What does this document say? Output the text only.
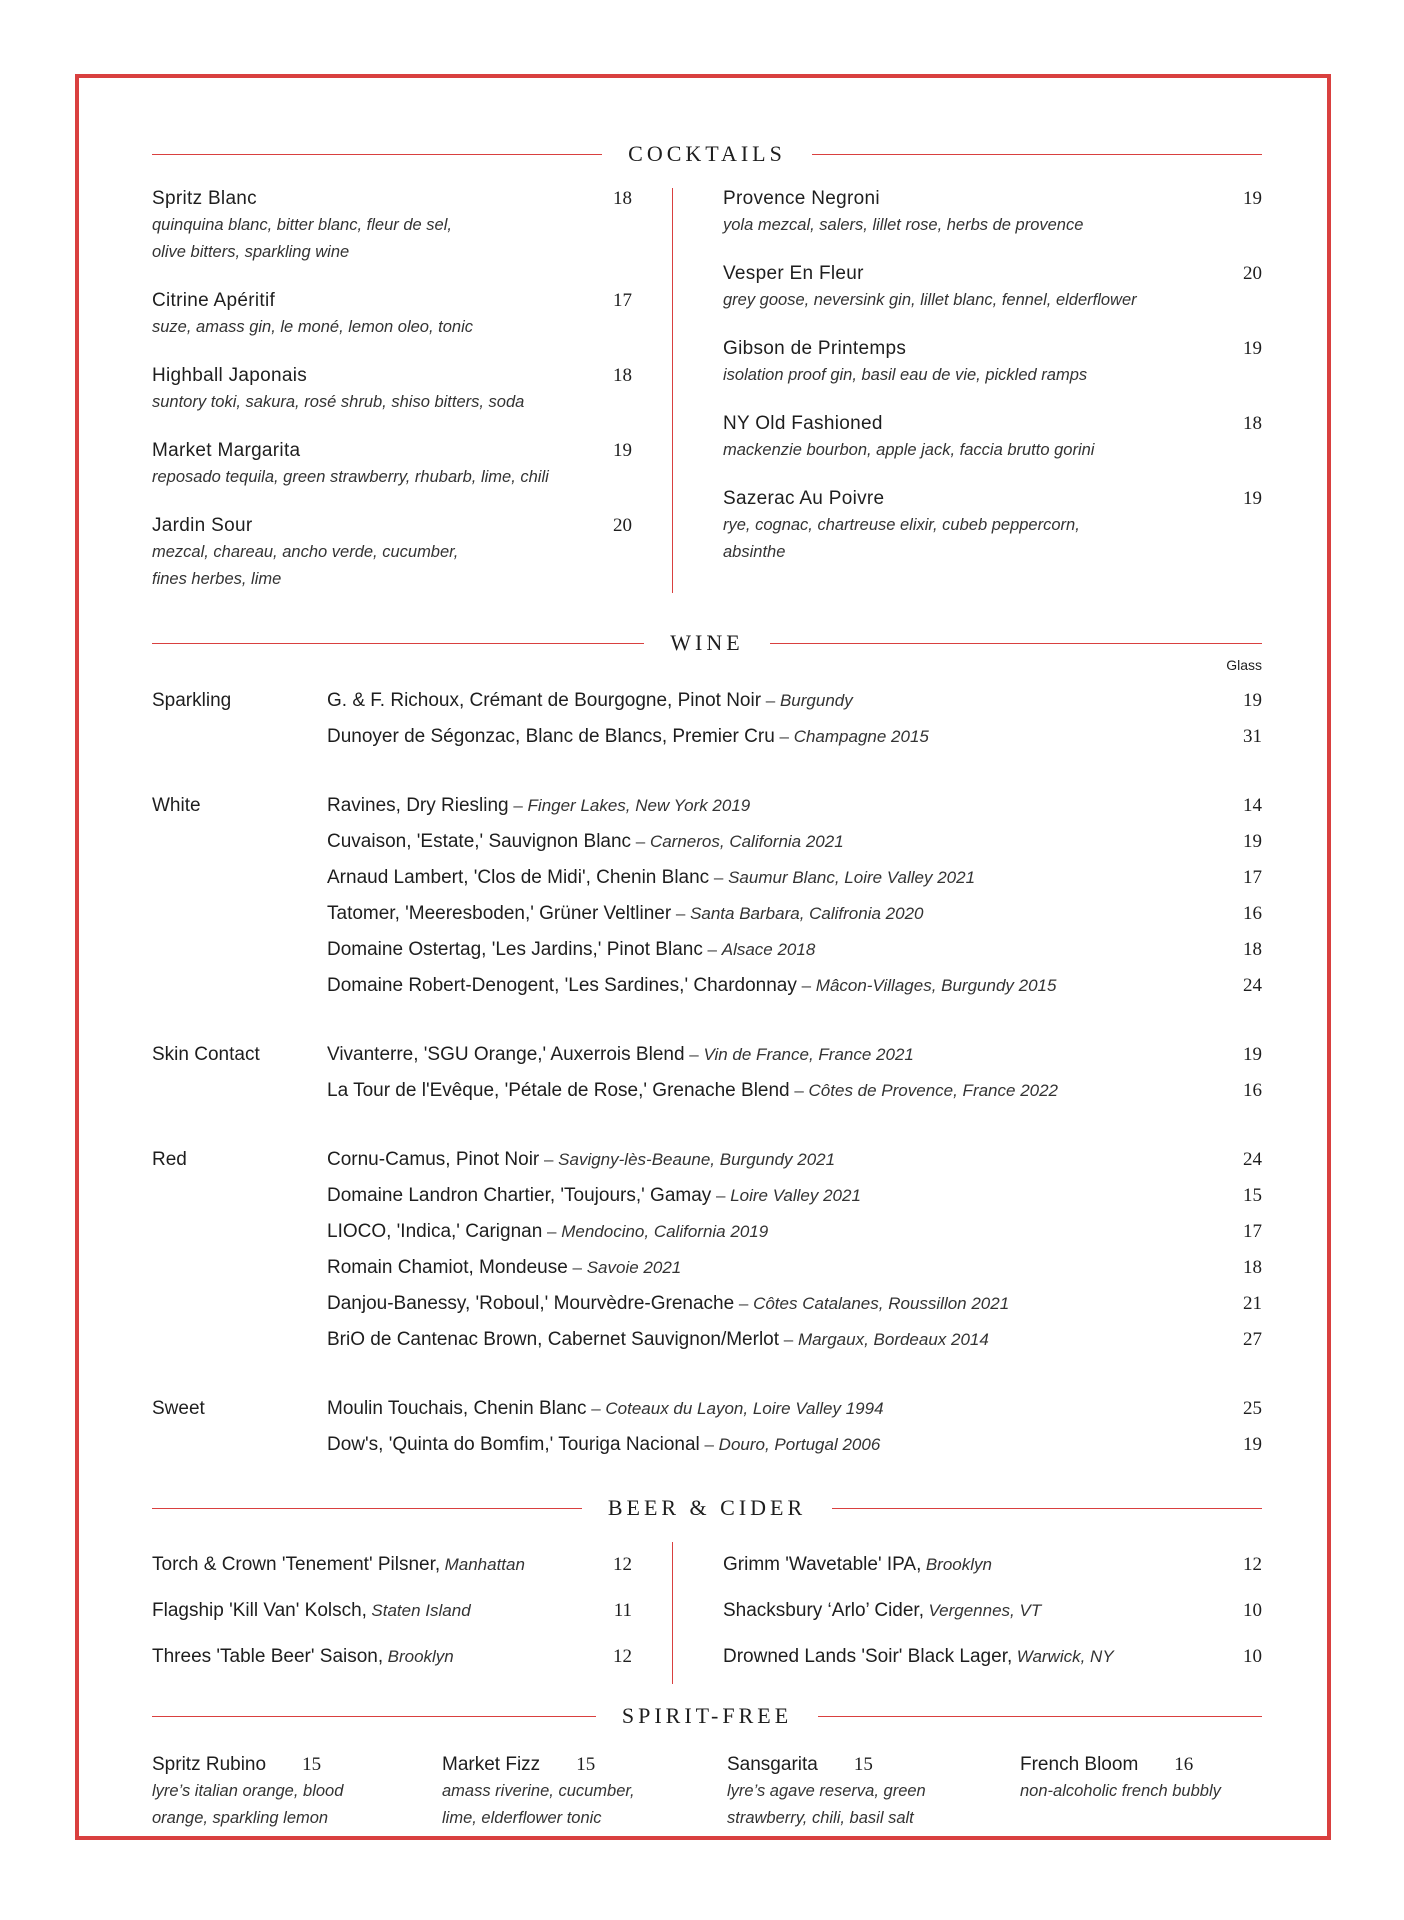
COCKTAILS
Spritz Blanc	18
quinquina blanc, bitter blanc, fleur de sel,
olive bitters, sparkling wine
Citrine Apéritif	17
suze, amass gin, le moné, lemon oleo, tonic
Highball Japonais	18
suntory toki, sakura, rosé shrub, shiso bitters, soda
Market Margarita	19
reposado tequila, green strawberry, rhubarb, lime, chili
Jardin Sour	20
mezcal, chareau, ancho verde, cucumber,
fines herbes, lime
Provence Negroni	19
yola mezcal, salers, lillet rose, herbs de provence
Vesper En Fleur	20
grey goose, neversink gin, lillet blanc, fennel, elderflower
Gibson de Printemps	19
isolation proof gin, basil eau de vie, pickled ramps
NY Old Fashioned	18
mackenzie bourbon, apple jack, faccia brutto gorini
Sazerac Au Poivre	19
rye, cognac, chartreuse elixir, cubeb peppercorn,
absinthe
WINE
Glass
Sparkling	G. & F. Richoux, Crémant de Bourgogne, Pinot Noir – Burgundy	19
Dunoyer de Ségonzac, Blanc de Blancs, Premier Cru – Champagne 2015	31
White	Ravines, Dry Riesling – Finger Lakes, New York 2019	14
Cuvaison, 'Estate,' Sauvignon Blanc – Carneros, California 2021	19
Arnaud Lambert, 'Clos de Midi', Chenin Blanc – Saumur Blanc, Loire Valley 2021	17
Tatomer, 'Meeresboden,' Grüner Veltliner – Santa Barbara, Califronia 2020	16
Domaine Ostertag, 'Les Jardins,' Pinot Blanc – Alsace 2018	18
Domaine Robert-Denogent, 'Les Sardines,' Chardonnay – Mâcon-Villages, Burgundy 2015	24
Skin Contact	Vivanterre, 'SGU Orange,' Auxerrois Blend – Vin de France, France 2021	19
La Tour de l'Evêque, 'Pétale de Rose,' Grenache Blend – Côtes de Provence, France 2022	16
Red	Cornu-Camus, Pinot Noir – Savigny-lès-Beaune, Burgundy 2021	24
Domaine Landron Chartier, 'Toujours,' Gamay – Loire Valley 2021	15
LIOCO, 'Indica,' Carignan – Mendocino, California 2019	17
Romain Chamiot, Mondeuse – Savoie 2021	18
Danjou-Banessy, 'Roboul,' Mourvèdre-Grenache – Côtes Catalanes, Roussillon 2021	21
BriO de Cantenac Brown, Cabernet Sauvignon/Merlot – Margaux, Bordeaux 2014	27
Sweet	Moulin Touchais, Chenin Blanc – Coteaux du Layon, Loire Valley 1994	25
Dow's, 'Quinta do Bomfim,' Touriga Nacional – Douro, Portugal 2006	19
BEER & CIDER
Torch & Crown 'Tenement' Pilsner, Manhattan	12
Flagship 'Kill Van' Kolsch, Staten Island	11
Threes 'Table Beer' Saison, Brooklyn	12
Grimm 'Wavetable' IPA, Brooklyn	12
Shacksbury ‘Arlo’ Cider, Vergennes, VT	10
Drowned Lands 'Soir' Black Lager, Warwick, NY	10
SPIRIT-FREE
Spritz Rubino 15
lyre’s italian orange, blood
orange, sparkling lemon
Market Fizz 15
amass riverine, cucumber,
lime, elderflower tonic
Sansgarita 15
lyre’s agave reserva, green
strawberry, chili, basil salt
French Bloom 16
non-alcoholic french bubbly
